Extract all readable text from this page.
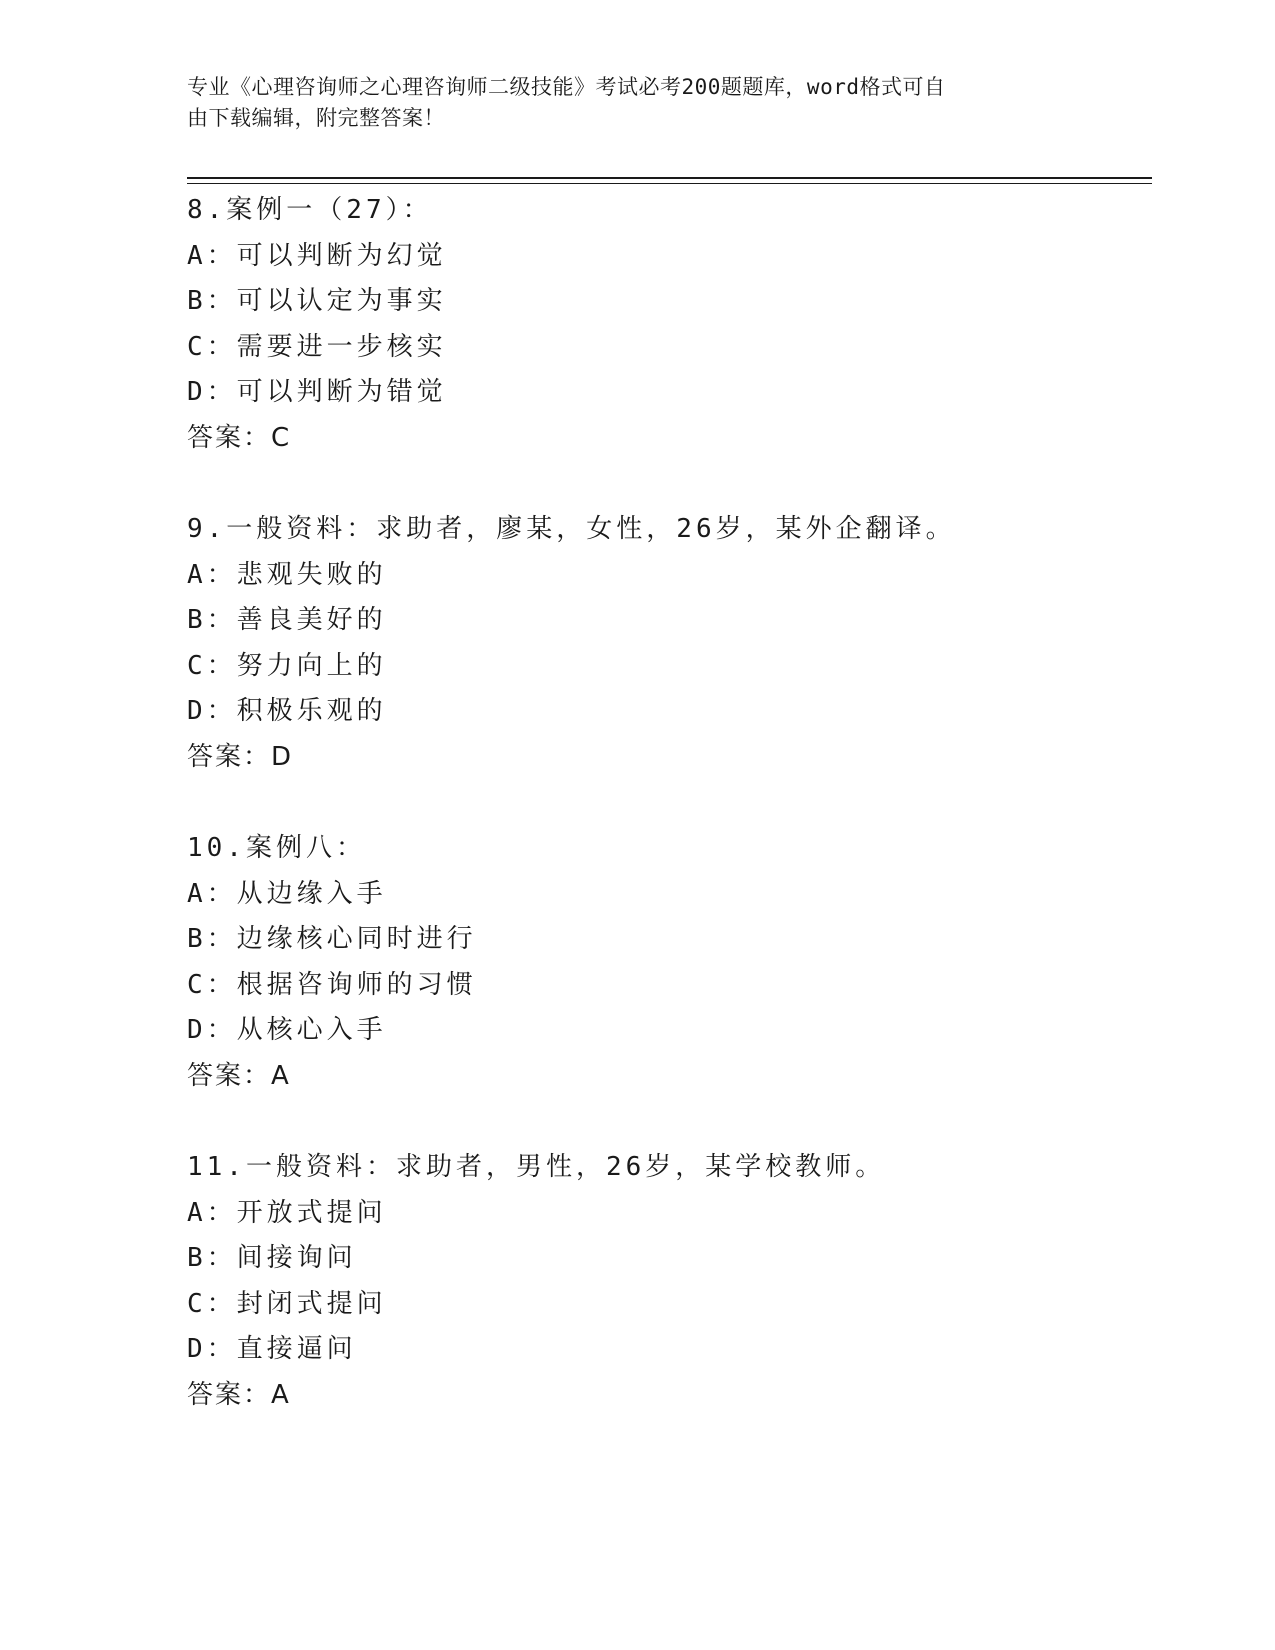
专业《心理咨询师之心理咨询师二级技能》考试必考200题题库，word格式可自
由下载编辑，附完整答案！
8.案例一（27）：
A：可以判断为幻觉
B：可以认定为事实
C：需要进一步核实
D：可以判断为错觉
答案：C
9.一般资料：求助者，廖某，女性，26岁，某外企翻译。
A：悲观失败的
B：善良美好的
C：努力向上的
D：积极乐观的
答案：D
10.案例八：
A：从边缘入手
B：边缘核心同时进行
C：根据咨询师的习惯
D：从核心入手
答案：A
11.一般资料：求助者，男性，26岁，某学校教师。
A：开放式提问
B：间接询问
C：封闭式提问
D：直接逼问
答案：A
